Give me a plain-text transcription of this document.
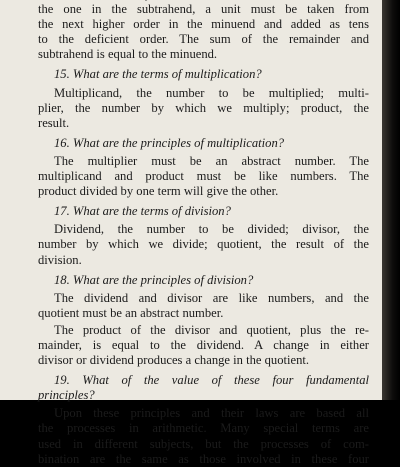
the one in the subtrahend, a unit must be taken from
the next higher order in the minuend and added as tens
to the deficient order. The sum of the remainder and
subtrahend is equal to the minuend.

15. What are the terms of multiplication?

Multiplicand, the number to be multiplied; multi-
plier, the number by which we multiply; product, the
result.

16. What are the principles of multiplication?

The multiplier must be an abstract number. The
multiplicand and product must be like numbers. The
product divided by one term will give the other.

17. What are the terms of division?

Dividend, the number to be divided; divisor, the
number by which we divide; quotient, the result of the
division.

18. What are the principles of division?

The dividend and divisor are like numbers, and the
quotient must be an abstract number.

The product of the divisor and quotient, plus the re-
mainder, is equal to the dividend. A change in either
divisor or dividend produces a change in the quotient.

19. What of the value of these four fundamental
principles?

Upon these principles and their laws are based all
the processes in arithmetic. Many special terms are
used in different subjects, but the processes of com-
bination are the same as those involved in these four
